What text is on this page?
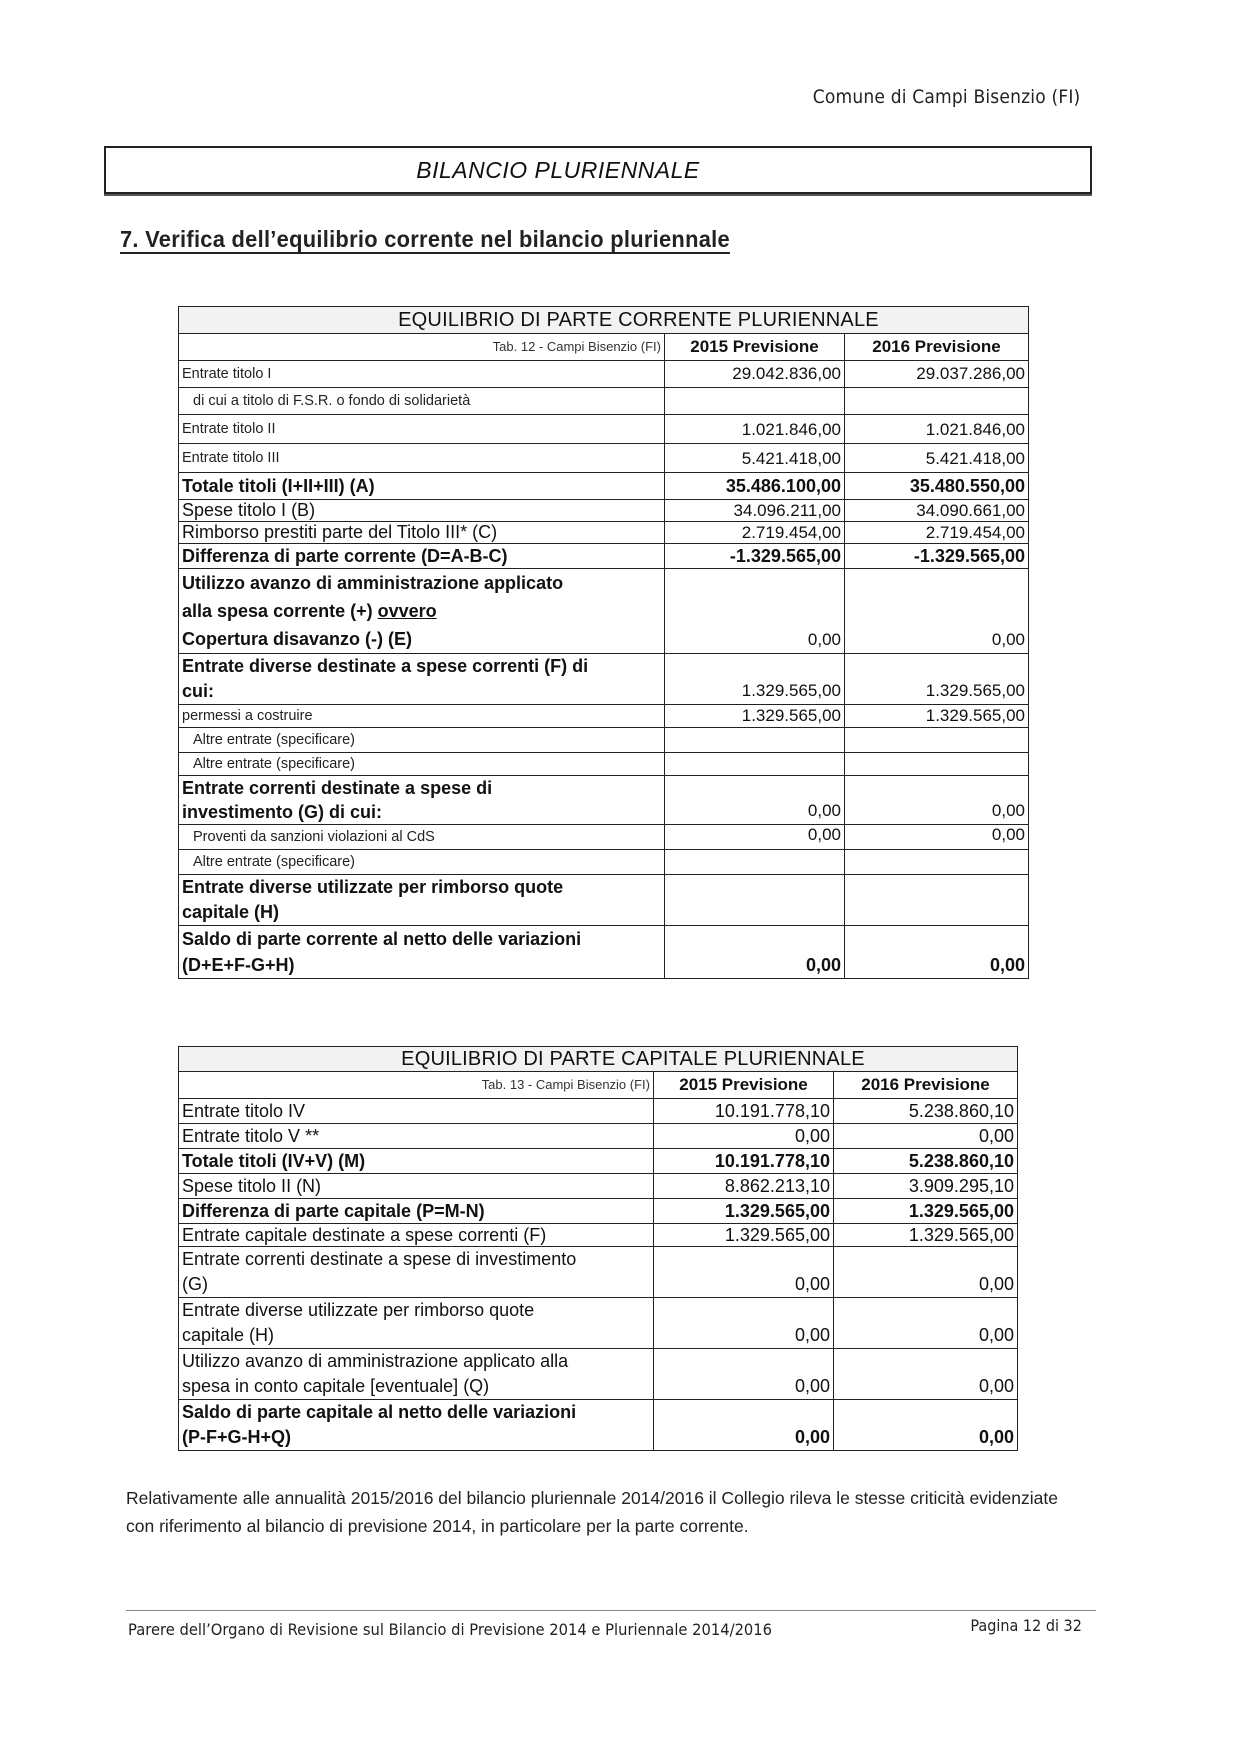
Comune di Campi Bisenzio (FI)
BILANCIO PLURIENNALE
7. Verifica dell’equilibrio corrente nel bilancio pluriennale
EQUILIBRIO DI PARTE CORRENTE PLURIENNALE		
Tab. 12 - Campi Bisenzio (FI)	2015 Previsione	2016 Previsione
Entrate titolo I	29.042.836,00	29.037.286,00
di cui a titolo di F.S.R. o fondo di solidarietà		
Entrate titolo II	1.021.846,00	1.021.846,00
Entrate titolo III	5.421.418,00	5.421.418,00
Totale titoli (I+II+III) (A)	35.486.100,00	35.480.550,00
Spese titolo I (B)	34.096.211,00	34.090.661,00
Rimborso prestiti parte del Titolo III* (C)	2.719.454,00	2.719.454,00
Differenza di parte corrente (D=A-B-C)	-1.329.565,00	-1.329.565,00

Utilizzo avanzo di amministrazione applicato
alla spesa corrente (+) ovvero
Copertura disavanzo (-) (E)	0,00	0,00

Entrate diverse destinate a spese correnti (F) di
cui:	1.329.565,00	1.329.565,00
permessi a costruire	1.329.565,00	1.329.565,00
Altre entrate (specificare)		
Altre entrate (specificare)		

Entrate correnti destinate a spese di
investimento (G) di cui:	0,00	0,00
Proventi da sanzioni violazioni al CdS	0,00	0,00
Altre entrate (specificare)		

Entrate diverse utilizzate per rimborso quote
capitale (H)		

Saldo di parte corrente al netto delle variazioni
(D+E+F-G+H)	0,00	0,00
EQUILIBRIO DI PARTE CAPITALE PLURIENNALE		
Tab. 13 - Campi Bisenzio (FI)	2015 Previsione	2016 Previsione
Entrate titolo IV	10.191.778,10	5.238.860,10
Entrate titolo V **	0,00	0,00
Totale titoli (IV+V) (M)	10.191.778,10	5.238.860,10
Spese titolo II (N)	8.862.213,10	3.909.295,10
Differenza di parte capitale (P=M-N)	1.329.565,00	1.329.565,00
Entrate capitale destinate a spese correnti (F)	1.329.565,00	1.329.565,00

Entrate correnti destinate a spese di investimento
(G)	0,00	0,00

Entrate diverse utilizzate per rimborso quote
capitale (H)	0,00	0,00

Utilizzo avanzo di amministrazione applicato alla
spesa in conto capitale [eventuale] (Q)	0,00	0,00

Saldo di parte capitale al netto delle variazioni
(P-F+G-H+Q)	0,00	0,00
Relativamente alle annualità 2015/2016 del bilancio pluriennale 2014/2016 il Collegio rileva le stesse criticità evidenziate con riferimento al bilancio di previsione 2014, in particolare per la parte corrente.
Parere dell’Organo di Revisione sul Bilancio di Previsione 2014 e Pluriennale 2014/2016	Pagina 12 di 32
